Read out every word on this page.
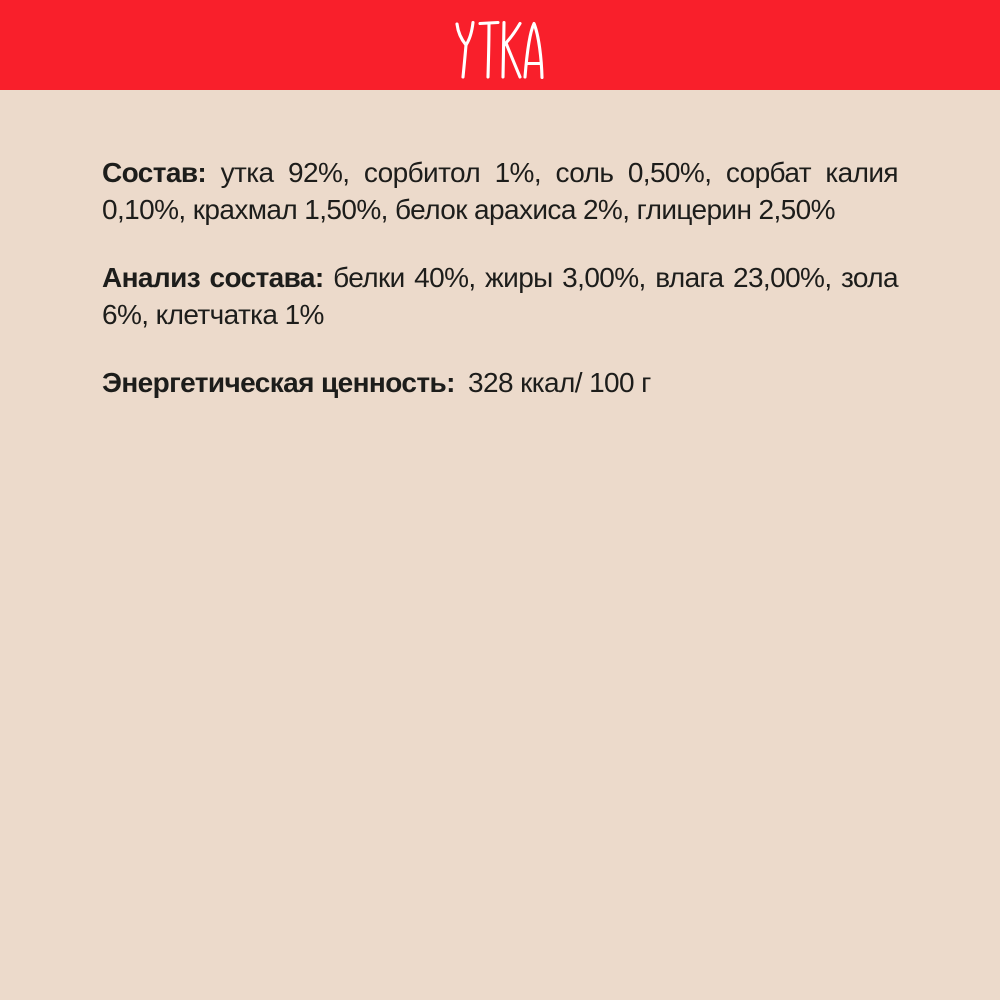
Состав: утка 92%, сорбитол 1%, соль 0,50%, сорбат калия 0,10%, крахмал 1,50%, белок арахиса 2%, глицерин 2,50%

Анализ состава: белки 40%, жиры 3,00%, влага 23,00%, зола 6%, клетчатка 1%

Энергетическая ценность: 328 ккал/ 100 г
